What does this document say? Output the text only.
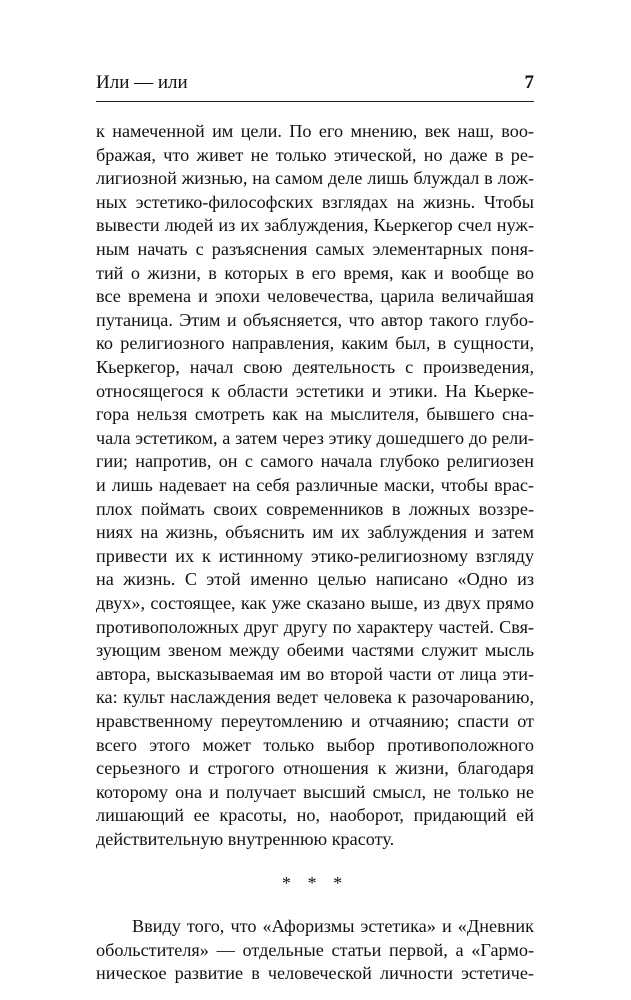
Или — или	7
к намеченной им цели. По его мнению, век наш, воо-
бражая, что живет не только этической, но даже в ре-
лигиозной жизнью, на самом деле лишь блуждал в лож-
ных эстетико-философских взглядах на жизнь. Чтобы
вывести людей из их заблуждения, Кьеркегор счел нуж-
ным начать с разъяснения самых элементарных поня-
тий о жизни, в которых в его время, как и вообще во
все времена и эпохи человечества, царила величайшая
путаница. Этим и объясняется, что автор такого глубо-
ко религиозного направления, каким был, в сущности,
Кьеркегор, начал свою деятельность с произведения,
относящегося к области эстетики и этики. На Кьерке-
гора нельзя смотреть как на мыслителя, бывшего сна-
чала эстетиком, а затем через этику дошедшего до рели-
гии; напротив, он с самого начала глубоко религиозен
и лишь надевает на себя различные маски, чтобы врас-
плох поймать своих современников в ложных воззре-
ниях на жизнь, объяснить им их заблуждения и затем
привести их к истинному этико-религиозному взгляду
на жизнь. С этой именно целью написано «Одно из
двух», состоящее, как уже сказано выше, из двух прямо
противоположных друг другу по характеру частей. Свя-
зующим звеном между обеими частями служит мысль
автора, высказываемая им во второй части от лица эти-
ка: культ наслаждения ведет человека к разочарованию,
нравственному переутомлению и отчаянию; спасти от
всего этого может только выбор противоположного
серьезного и строгого отношения к жизни, благодаря
которому она и получает высший смысл, не только не
лишающий ее красоты, но, наоборот, придающий ей
действительную внутреннюю красоту.
* * *
Ввиду того, что «Афоризмы эстетика» и «Дневник
обольстителя» — отдельные статьи первой, а «Гармо-
ническое развитие в человеческой личности эстетиче-
